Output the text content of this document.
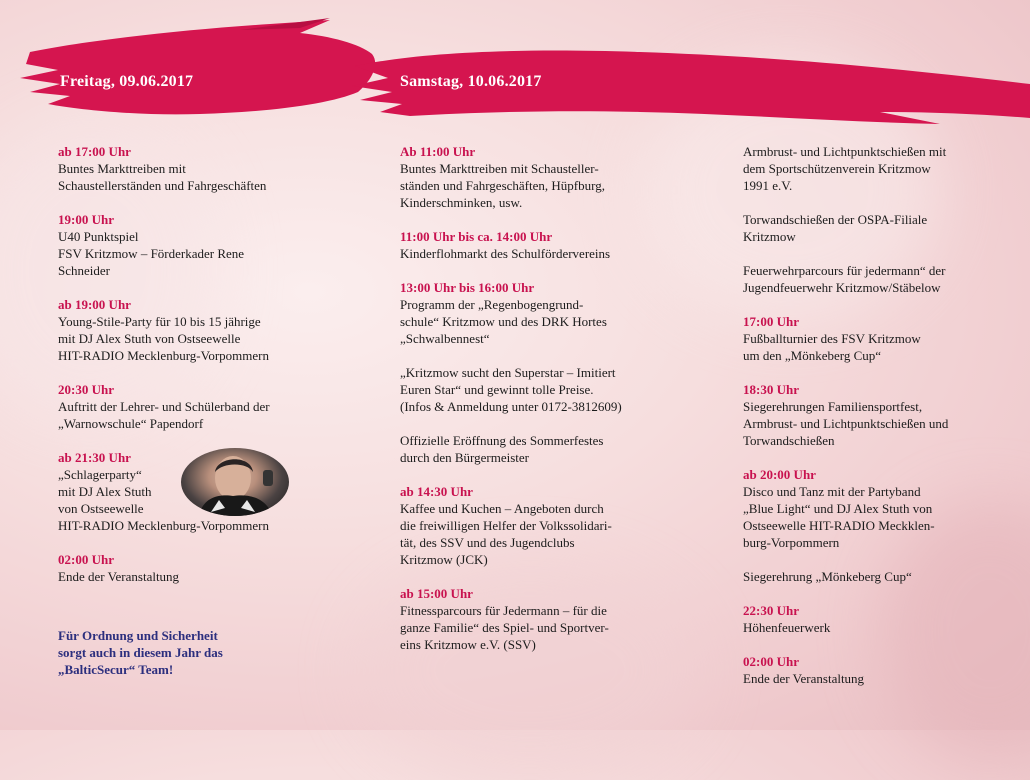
Freitag, 09.06.2017	Samstag, 10.06.2017
ab 17:00 Uhr
Buntes Markttreiben mit
Schaustellerständen und Fahrgeschäften
19:00 Uhr
U40 Punktspiel
FSV Kritzmow – Förderkader Rene
Schneider
ab 19:00 Uhr
Young-Stile-Party für 10 bis 15 jährige
mit DJ Alex Stuth von Ostseewelle
HIT-RADIO Mecklenburg-Vorpommern
20:30 Uhr
Auftritt der Lehrer- und Schülerband der
„Warnowschule“ Papendorf
ab 21:30 Uhr
„Schlagerparty“
mit DJ Alex Stuth
von Ostseewelle
HIT-RADIO Mecklenburg-Vorpommern
02:00 Uhr
Ende der Veranstaltung
Für Ordnung und Sicherheit
sorgt auch in diesem Jahr das
„BalticSecur“ Team!
Ab 11:00 Uhr
Buntes Markttreiben mit Schausteller-
ständen und Fahrgeschäften, Hüpfburg,
Kinderschminken, usw.
11:00 Uhr bis ca. 14:00 Uhr
Kinderflohmarkt des Schulfördervereins
13:00 Uhr bis 16:00 Uhr
Programm der „Regenbogengrund-
schule“ Kritzmow und des DRK Hortes
„Schwalbennest“
„Kritzmow sucht den Superstar – Imitiert
Euren Star“ und gewinnt tolle Preise.
(Infos & Anmeldung unter 0172-3812609)
Offizielle Eröffnung des Sommerfestes
durch den Bürgermeister
ab 14:30 Uhr
Kaffee und Kuchen – Angeboten durch
die freiwilligen Helfer der Volkssolidari-
tät, des SSV und des Jugendclubs
Kritzmow (JCK)
ab 15:00 Uhr
Fitnessparcours für Jedermann – für die
ganze Familie“ des Spiel- und Sportver-
eins Kritzmow e.V. (SSV)
Armbrust- und Lichtpunktschießen mit
dem Sportschützenverein Kritzmow
1991 e.V.
Torwandschießen der OSPA-Filiale
Kritzmow
Feuerwehrparcours für jedermann“ der
Jugendfeuerwehr Kritzmow/Stäbelow
17:00 Uhr
Fußballturnier des FSV Kritzmow
um den „Mönkeberg Cup“
18:30 Uhr
Siegerehrungen Familiensportfest,
Armbrust- und Lichtpunktschießen und
Torwandschießen
ab 20:00 Uhr
Disco und Tanz mit der Partyband
„Blue Light“ und DJ Alex Stuth von
Ostseewelle HIT-RADIO Meckklen-
burg-Vorpommern
Siegerehrung „Mönkeberg Cup“
22:30 Uhr
Höhenfeuerwerk
02:00 Uhr
Ende der Veranstaltung
